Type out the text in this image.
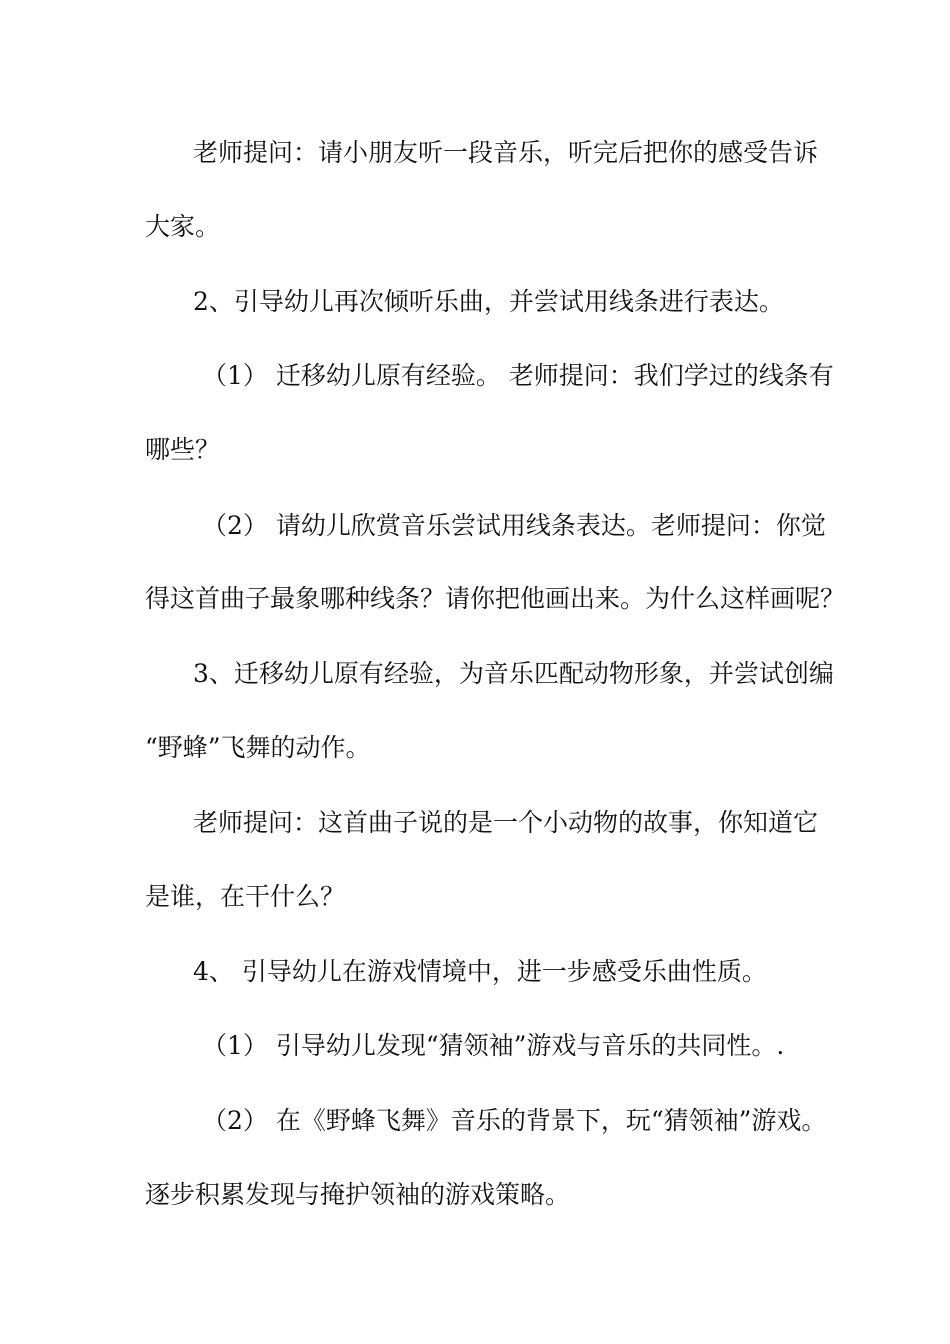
老师提问：请小朋友听一段音乐，听完后把你的感受告诉
大家。
2、引导幼儿再次倾听乐曲，并尝试用线条进行表达。
（1） 迁移幼儿原有经验。 老师提问：我们学过的线条有
哪些？
（2） 请幼儿欣赏音乐尝试用线条表达。老师提问：你觉
得这首曲子最象哪种线条？请你把他画出来。为什么这样画呢？
3、迁移幼儿原有经验，为音乐匹配动物形象，并尝试创编
“野蜂”飞舞的动作。
老师提问：这首曲子说的是一个小动物的故事，你知道它
是谁，在干什么？
4、 引导幼儿在游戏情境中，进一步感受乐曲性质。
（1） 引导幼儿发现“猜领袖”游戏与音乐的共同性。.
（2） 在《野蜂飞舞》音乐的背景下，玩“猜领袖”游戏。
逐步积累发现与掩护领袖的游戏策略。
